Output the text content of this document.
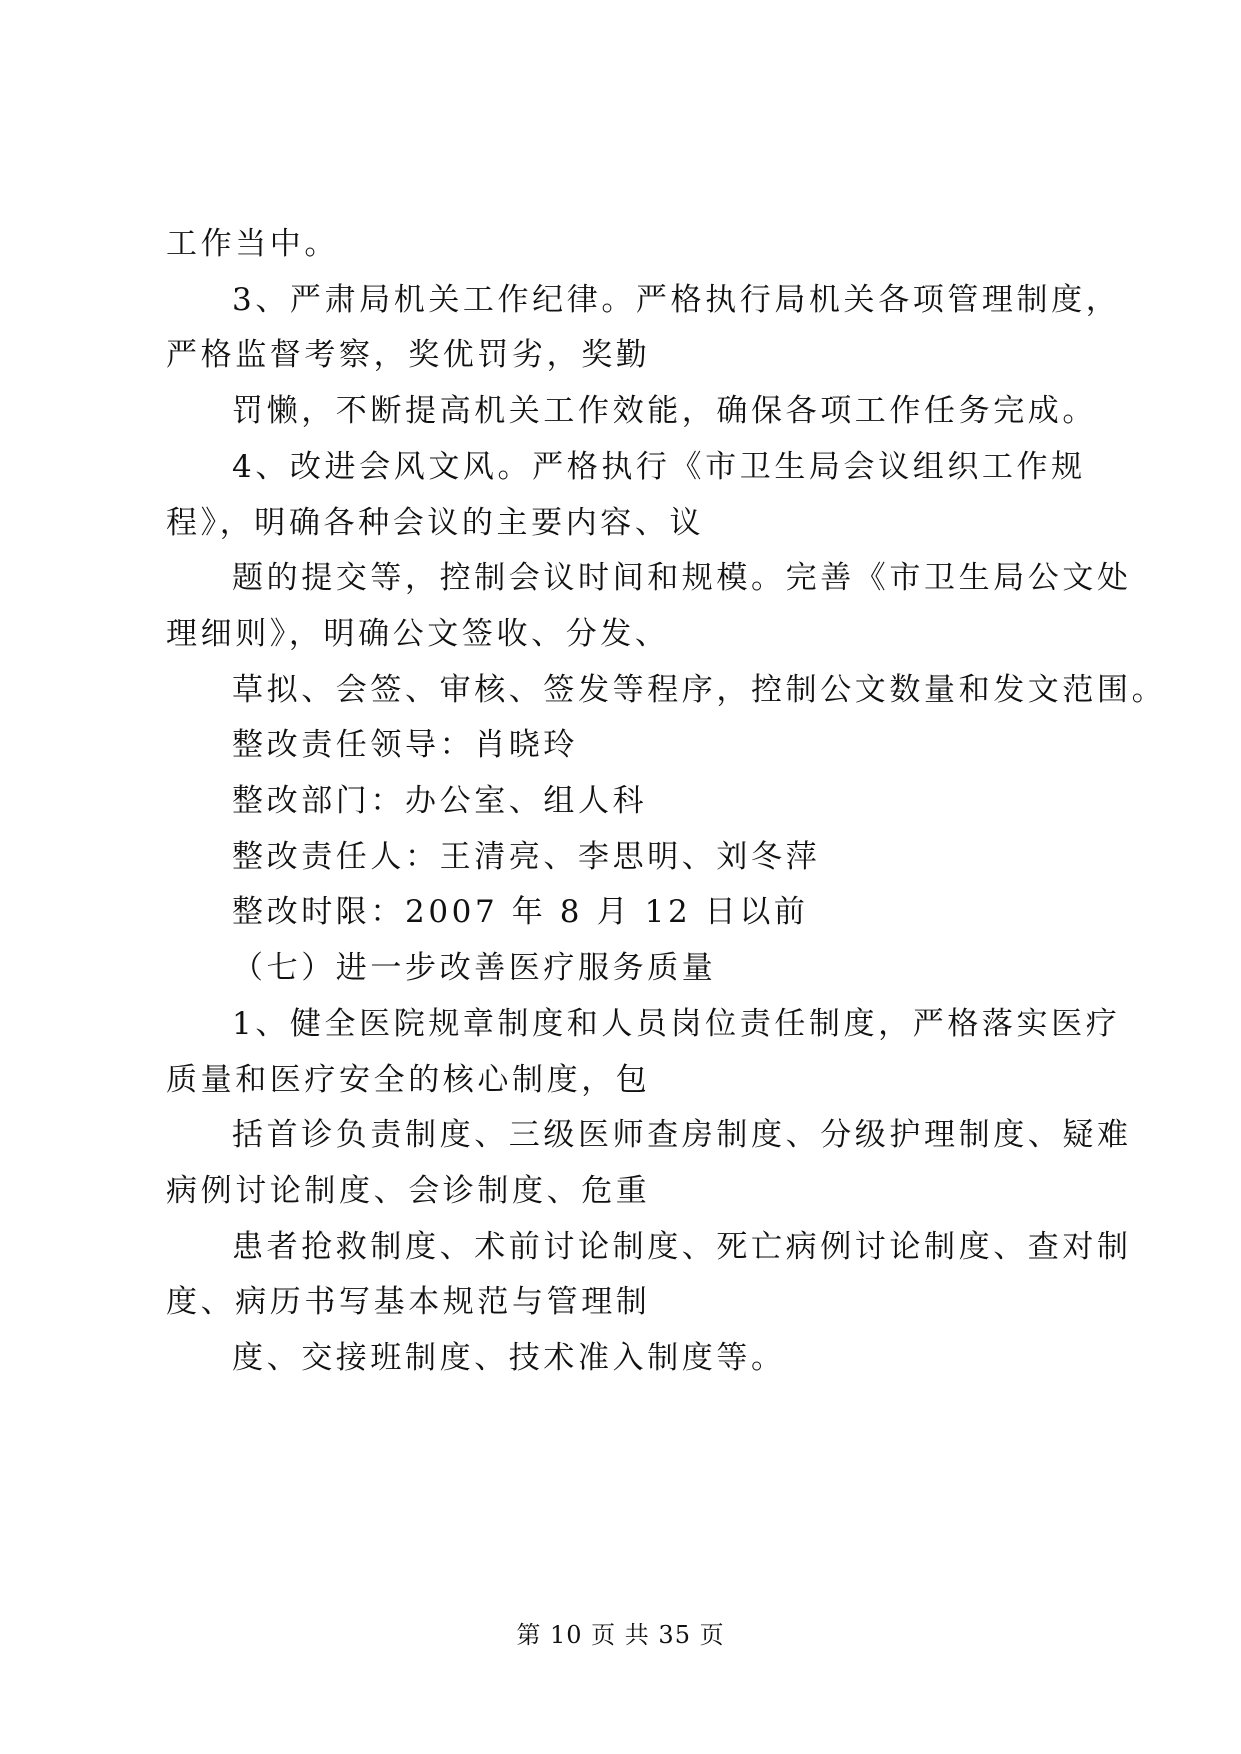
工作当中。
3、严肃局机关工作纪律。严格执行局机关各项管理制度，
严格监督考察，奖优罚劣，奖勤
罚懒，不断提高机关工作效能，确保各项工作任务完成。
4、改进会风文风。严格执行《市卫生局会议组织工作规
程》，明确各种会议的主要内容、议
题的提交等，控制会议时间和规模。完善《市卫生局公文处
理细则》，明确公文签收、分发、
草拟、会签、审核、签发等程序，控制公文数量和发文范围。
整改责任领导：肖晓玲
整改部门：办公室、组人科
整改责任人：王清亮、李思明、刘冬萍
整改时限：2007 年 8 月 12 日以前
（七）进一步改善医疗服务质量
1、健全医院规章制度和人员岗位责任制度，严格落实医疗
质量和医疗安全的核心制度，包
括首诊负责制度、三级医师查房制度、分级护理制度、疑难
病例讨论制度、会诊制度、危重
患者抢救制度、术前讨论制度、死亡病例讨论制度、查对制
度、病历书写基本规范与管理制
度、交接班制度、技术准入制度等。
第 10 页 共 35 页
